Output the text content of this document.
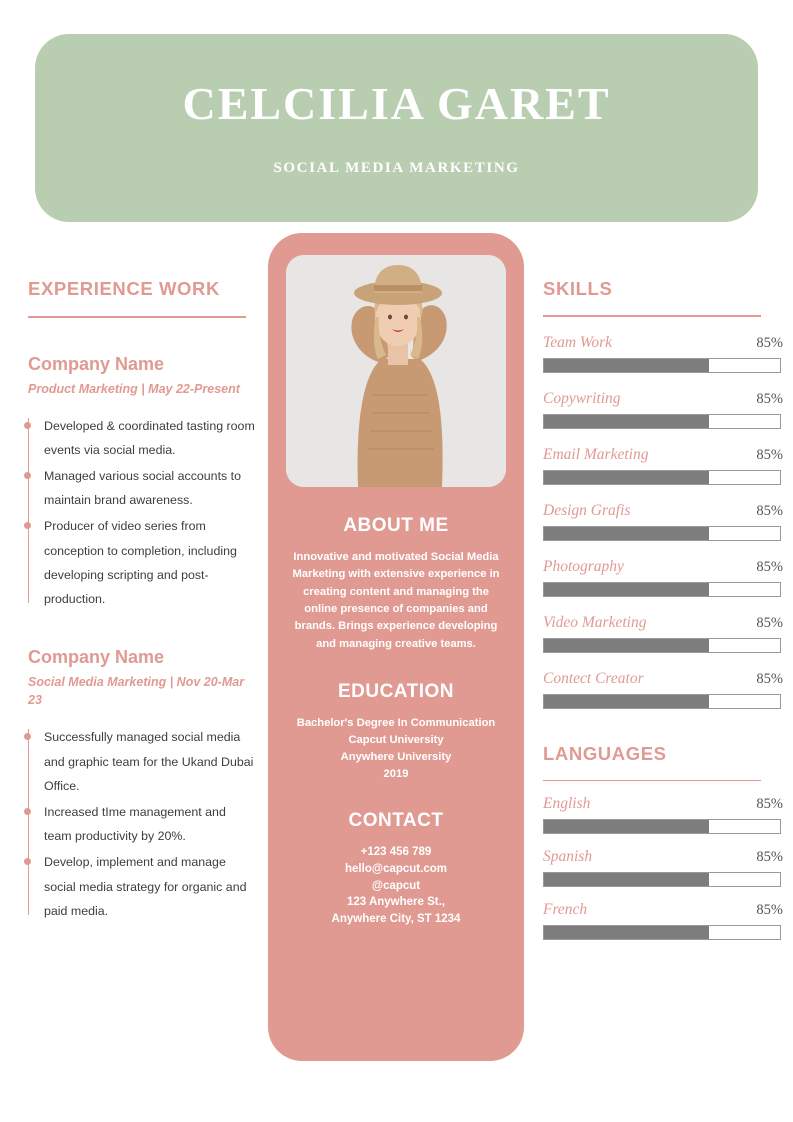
CELCILIA GARET
SOCIAL MEDIA MARKETING
EXPERIENCE WORK
Company Name
Product Marketing | May 22-Present
Developed & coordinated tasting room events via social media.
Managed various social accounts to maintain brand awareness.
Producer of video series from conception to completion, including developing scripting and post-production.
Company Name
Social Media Marketing | Nov 20-Mar 23
Successfully managed social media and graphic team for the Ukand Dubai Office.
Increased tIme management and team productivity by 20%.
Develop, implement and manage social media strategy for organic and paid media.
ABOUT ME
Innovative and motivated Social Media Marketing with extensive experience in creating content and managing the online presence of companies and brands. Brings experience developing and managing creative teams.
EDUCATION
Bachelor's Degree In Communication
Capcut University
Anywhere University
2019
CONTACT
+123 456 789
hello@capcut.com
@capcut
123 Anywhere St.,
Anywhere City, ST 1234
SKILLS
Team Work	85%
Copywriting	85%
Email Marketing	85%
Design Grafis	85%
Photography	85%
Video Marketing	85%
Contect Creator	85%
LANGUAGES
English	85%
Spanish	85%
French	85%
